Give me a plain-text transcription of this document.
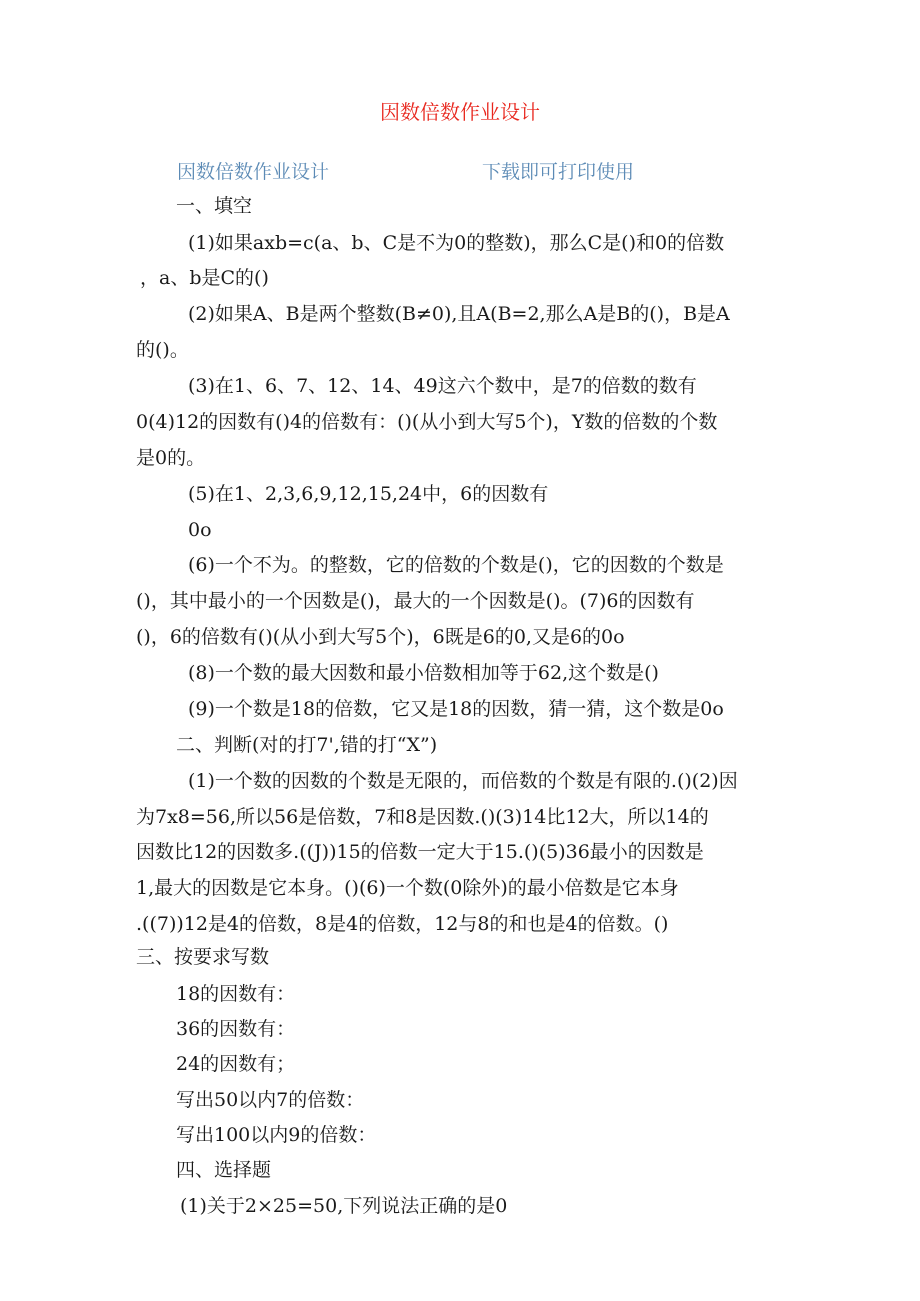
因数倍数作业设计
因数倍数作业设计	下载即可打印使用
一、填空
(1)如果axb=c(a、b、C是不为0的整数)，那么C是()和0的倍数
，a、b是C的()
(2)如果A、B是两个整数(B≠0),且A(B=2,那么A是B的()，B是A
的()。
(3)在1、6、7、12、14、49这六个数中，是7的倍数的数有
0(4)12的因数有()4的倍数有：()(从小到大写5个)，Y数的倍数的个数
是0的。
(5)在1、2,3,6,9,12,15,24中，6的因数有
0o
(6)一个不为。的整数，它的倍数的个数是()，它的因数的个数是
()，其中最小的一个因数是()，最大的一个因数是()。(7)6的因数有
()，6的倍数有()(从小到大写5个)，6既是6的0,又是6的0o
(8)一个数的最大因数和最小倍数相加等于62,这个数是()
(9)一个数是18的倍数，它又是18的因数，猜一猜，这个数是0o
二、判断(对的打7',错的打“X”)
(1)一个数的因数的个数是无限的，而倍数的个数是有限的.()(2)因
为7x8=56,所以56是倍数，7和8是因数.()(3)14比12大，所以14的
因数比12的因数多.((J))15的倍数一定大于15.()(5)36最小的因数是
1,最大的因数是它本身。()(6)一个数(0除外)的最小倍数是它本身
.((7))12是4的倍数，8是4的倍数，12与8的和也是4的倍数。()
三、按要求写数
18的因数有：
36的因数有：
24的因数有；
写出50以内7的倍数：
写出100以内9的倍数：
四、选择题
(1)关于2×25=50,下列说法正确的是0
